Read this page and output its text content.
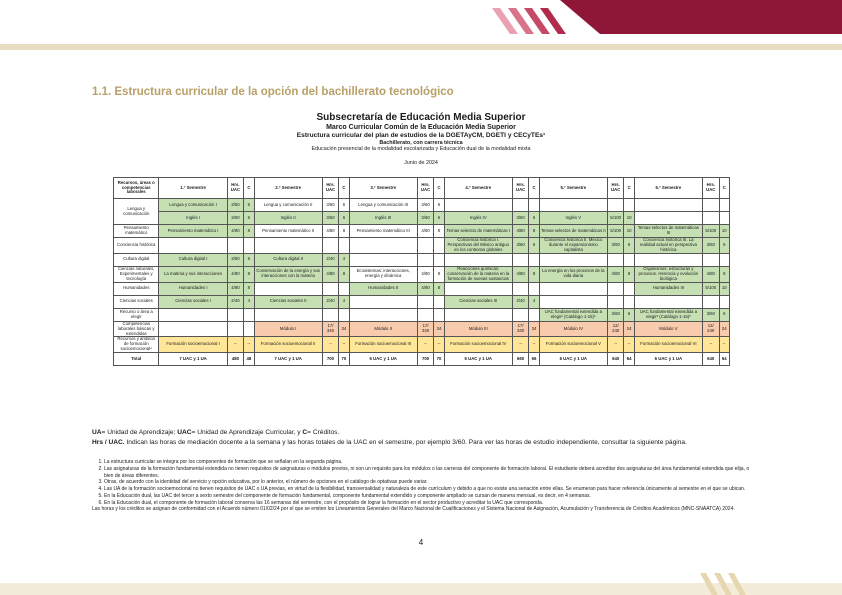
1.1. Estructura curricular de la opción del bachillerato tecnológico
Subsecretaría de Educación Media Superior
Marco Curricular Común de la Educación Media Superior
Estructura curricular del plan de estudios de la DGETAyCM, DGETI y CECyTEs¹
Bachillerato, con carrera técnica
Educación presencial de la modalidad escolarizada y Educación dual de la modalidad mixta
Junio de 2024
Recursos, áreas o competencias laborales	1.º Semestre	Hrs. UAC	C	2.º Semestre	Hrs. UAC	C	3.º Semestre	Hrs. UAC	C	4.º Semestre	Hrs. UAC	C	5.º Semestre	Hrs. UAC	C	6.º Semestre	Hrs. UAC	C
Lengua y comunicación	Lengua y comunicación I	3/60	6	Lengua y comunicación II	3/60	6	Lengua y comunicación III	3/60	6									
	Inglés I	3/60	6	Inglés II	3/60	6	Inglés III	3/60	6	Inglés IV	3/60	6	Inglés V	5/100	10			
Pensamiento matemático	Pensamiento matemático I	4/80	8	Pensamiento matemático II	4/80	8	Pensamiento matemático III	4/80	8	Temas selectos de matemáticas I	4/80	8	Temas selectos de matemáticas II	5/100	10	Temas selectos de matemáticas III	5/100	10
Conciencia histórica										Conciencia histórica I. Perspectivas del México antiguo en los contextos globales	3/60	6	Conciencia histórica II. México durante el expansionismo capitalista	3/60	6	Conciencia histórica III. La realidad actual en perspectiva histórica	3/60	6
Cultura digital	Cultura digital I	3/60	6	Cultura digital II	2/40	4												
Ciencias naturales, Experimentales y tecnología	La materia y sus interacciones	4/80	8	Conservación de la energía y sus interacciones con la materia	4/80	8	Ecosistemas: interacciones, energía y dinámica	4/80	8	Reacciones químicas: conservación de la materia en la formación de nuevas sustancias	4/80	8	La energía en los procesos de la vida diaria	4/80	8	Organismos: estructuras y procesos. Herencia y evolución biológica	4/80	8
Humanidades	Humanidades I	4/80	8				Humanidades II	4/80	8							Humanidades III	5/100	10
Ciencias sociales	Ciencias sociales I	2/40	4	Ciencias sociales II	2/40	4				Ciencias sociales III	2/40	4						
Recurso o área a elegir													UAC fundamental extendida a elegir² (Catálogo 1-15)⁵	3/60	6	UAC fundamental extendida a elegir² (Catálogo 1-15)³	3/60	6
Competencias laborales básicas y extendidas				Módulo I	17/ 340	34	Módulo II	17/ 340	34	Módulo III	17/ 340	34	Módulo IV	12/ 240	24	Módulo V	12/ 240	24
Recursos y ámbitos de formación socioemocional⁴	Formación socioemocional I	--	--	Formación socioemocional II	--	--	Formación socioemocional III	--	--	Formación socioemocional IV	--	--	Formación socioemocional V	--	--	Formación socioemocional VI	--	--
Total	7 UAC y 1 UA	480	48	7 UAC y 1 UA	700	70	6 UAC y 1 UA	700	70	6 UAC y 1 UA	660	66	6 UAC y 1 UA	640	64	6 UAC y 1 UA	640	64
UA= Unidad de Aprendizaje; UAC= Unidad de Aprendizaje Curricular, y C= Créditos.
Hrs / UAC. Indican las horas de mediación docente a la semana y las horas totales de la UAC en el semestre, por ejemplo 3/60. Para ver las horas de estudio independiente, consultar la siguiente página.
1. La estructura curricular se integra por los componentes de formación que se señalan en la segunda página.
2. Las asignaturas de la formación fundamental extendida no tienen requisitos de asignaturas o módulos previos, ni son un requisito para los módulos o las carreras del componente de formación laboral. El estudiante deberá acreditar dos asignaturas del área fundamental extendida que elija, o bien de áreas diferentes.
3. Otras, de acuerdo con la identidad del servicio y opción educativa, por lo anterior, el número de opciones en el catálogo de optativas puede variar.
4. Las UA de la formación socioemocional no tienen requisitos de UAC o UA previas, en virtud de la flexibilidad, transversalidad y naturaleza de este currículum y debido a que no existe una seriación entre ellas. Se enumeran para hacer referencia únicamente al semestre en el que se ubican.
5. En la Educación dual, las UAC del tercer a sexto semestre del componente de formación fundamental, componente fundamental extendido y componente ampliado se cursan de manera mensual, es decir, en 4 semanas.
6. En la Educación dual, el componente de formación laboral conserva las 16 semanas del semestre, con el propósito de lograr la formación en el sector productivo y acreditar la UAC que corresponda.

Las horas y los créditos se asignan de conformidad con el Acuerdo número 01/02/24 por el que se emiten los Lineamientos Generales del Marco Nacional de Cualificaciones y el Sistema Nacional de Asignación, Acumulación y Transferencia de Créditos Académicos (MNC-SNAATCA) 2024.

4
